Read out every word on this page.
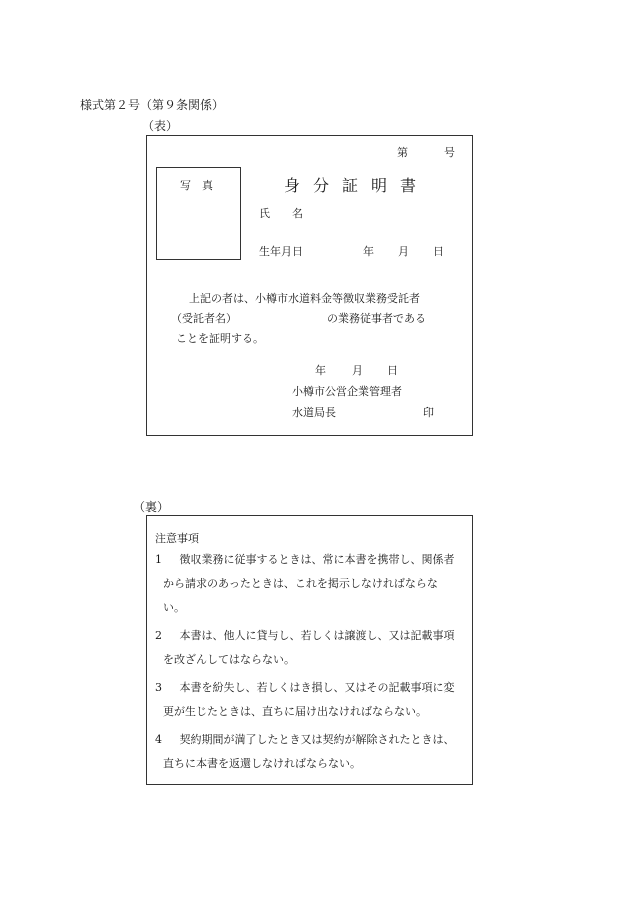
様式第２号（第９条関係）
（表）
第	号
写　真	身分証明書
氏　　名
生年月日	年 月 日
上記の者は、小樽市水道料金等徴収業務受託者
（受託者名）	の業務従事者である
ことを証明する。
年 月 日
小樽市公営企業管理者
水道局長	印
（裏）
注意事項
1 徴収業務に従事するときは、常に本書を携帯し、関係者
から請求のあったときは、これを掲示しなければならな
い。
2 本書は、他人に貸与し、若しくは譲渡し、又は記載事項
を改ざんしてはならない。
3 本書を紛失し、若しくはき損し、又はその記載事項に変
更が生じたときは、直ちに届け出なければならない。
4 契約期間が満了したとき又は契約が解除されたときは、
直ちに本書を返還しなければならない。
